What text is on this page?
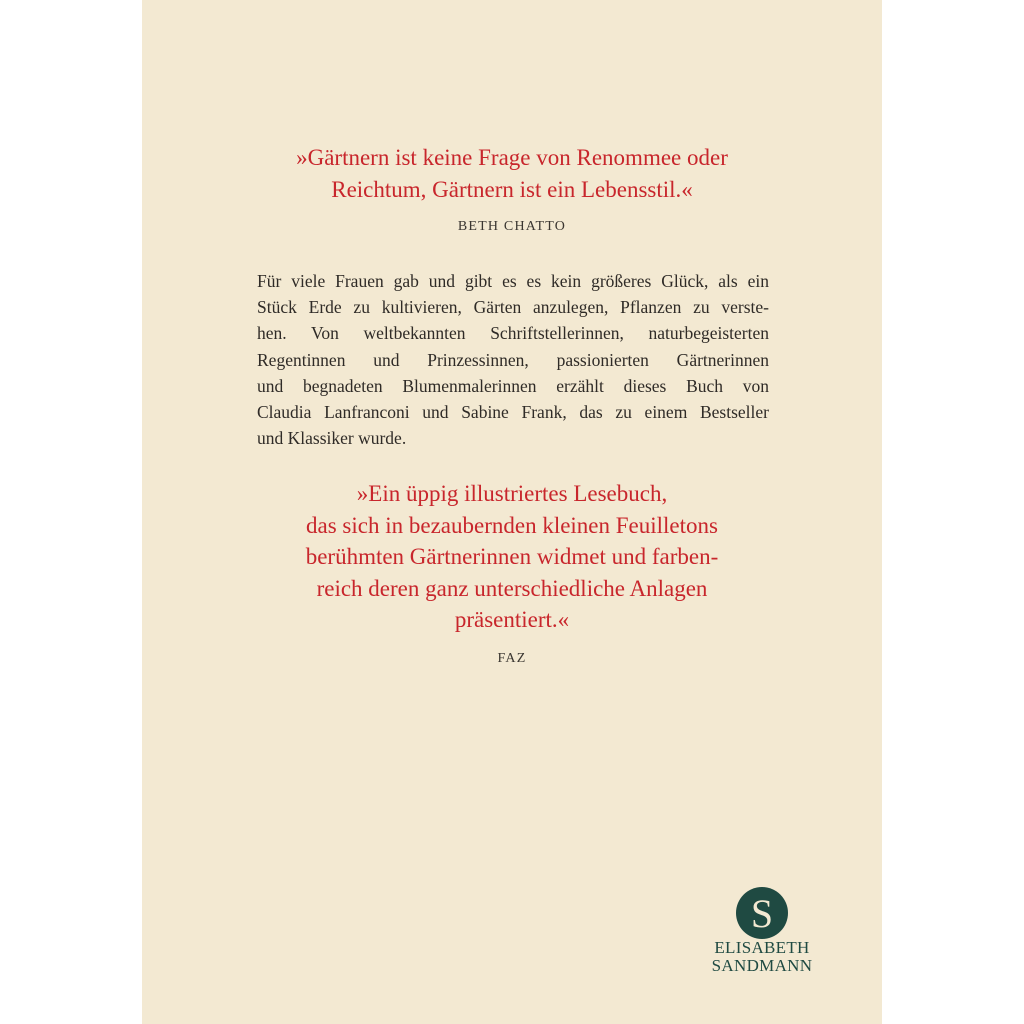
»Gärtnern ist keine Frage von Renommee oder
Reichtum, Gärtnern ist ein Lebensstil.«
BETH CHATTO
Für viele Frauen gab und gibt es es kein größeres Glück, als ein
Stück Erde zu kultivieren, Gärten anzulegen, Pflanzen zu verste-
hen. Von weltbekannten Schriftstellerinnen, naturbegeisterten
Regentinnen und Prinzessinnen, passionierten Gärtnerinnen
und begnadeten Blumenmalerinnen erzählt dieses Buch von
Claudia Lanfranconi und Sabine Frank, das zu einem Bestseller
und Klassiker wurde.
»Ein üppig illustriertes Lesebuch,
das sich in bezaubernden kleinen Feuilletons
berühmten Gärtnerinnen widmet und farben-
reich deren ganz unterschiedliche Anlagen
präsentiert.«
FAZ
S
ELISABETH
SANDMANN
